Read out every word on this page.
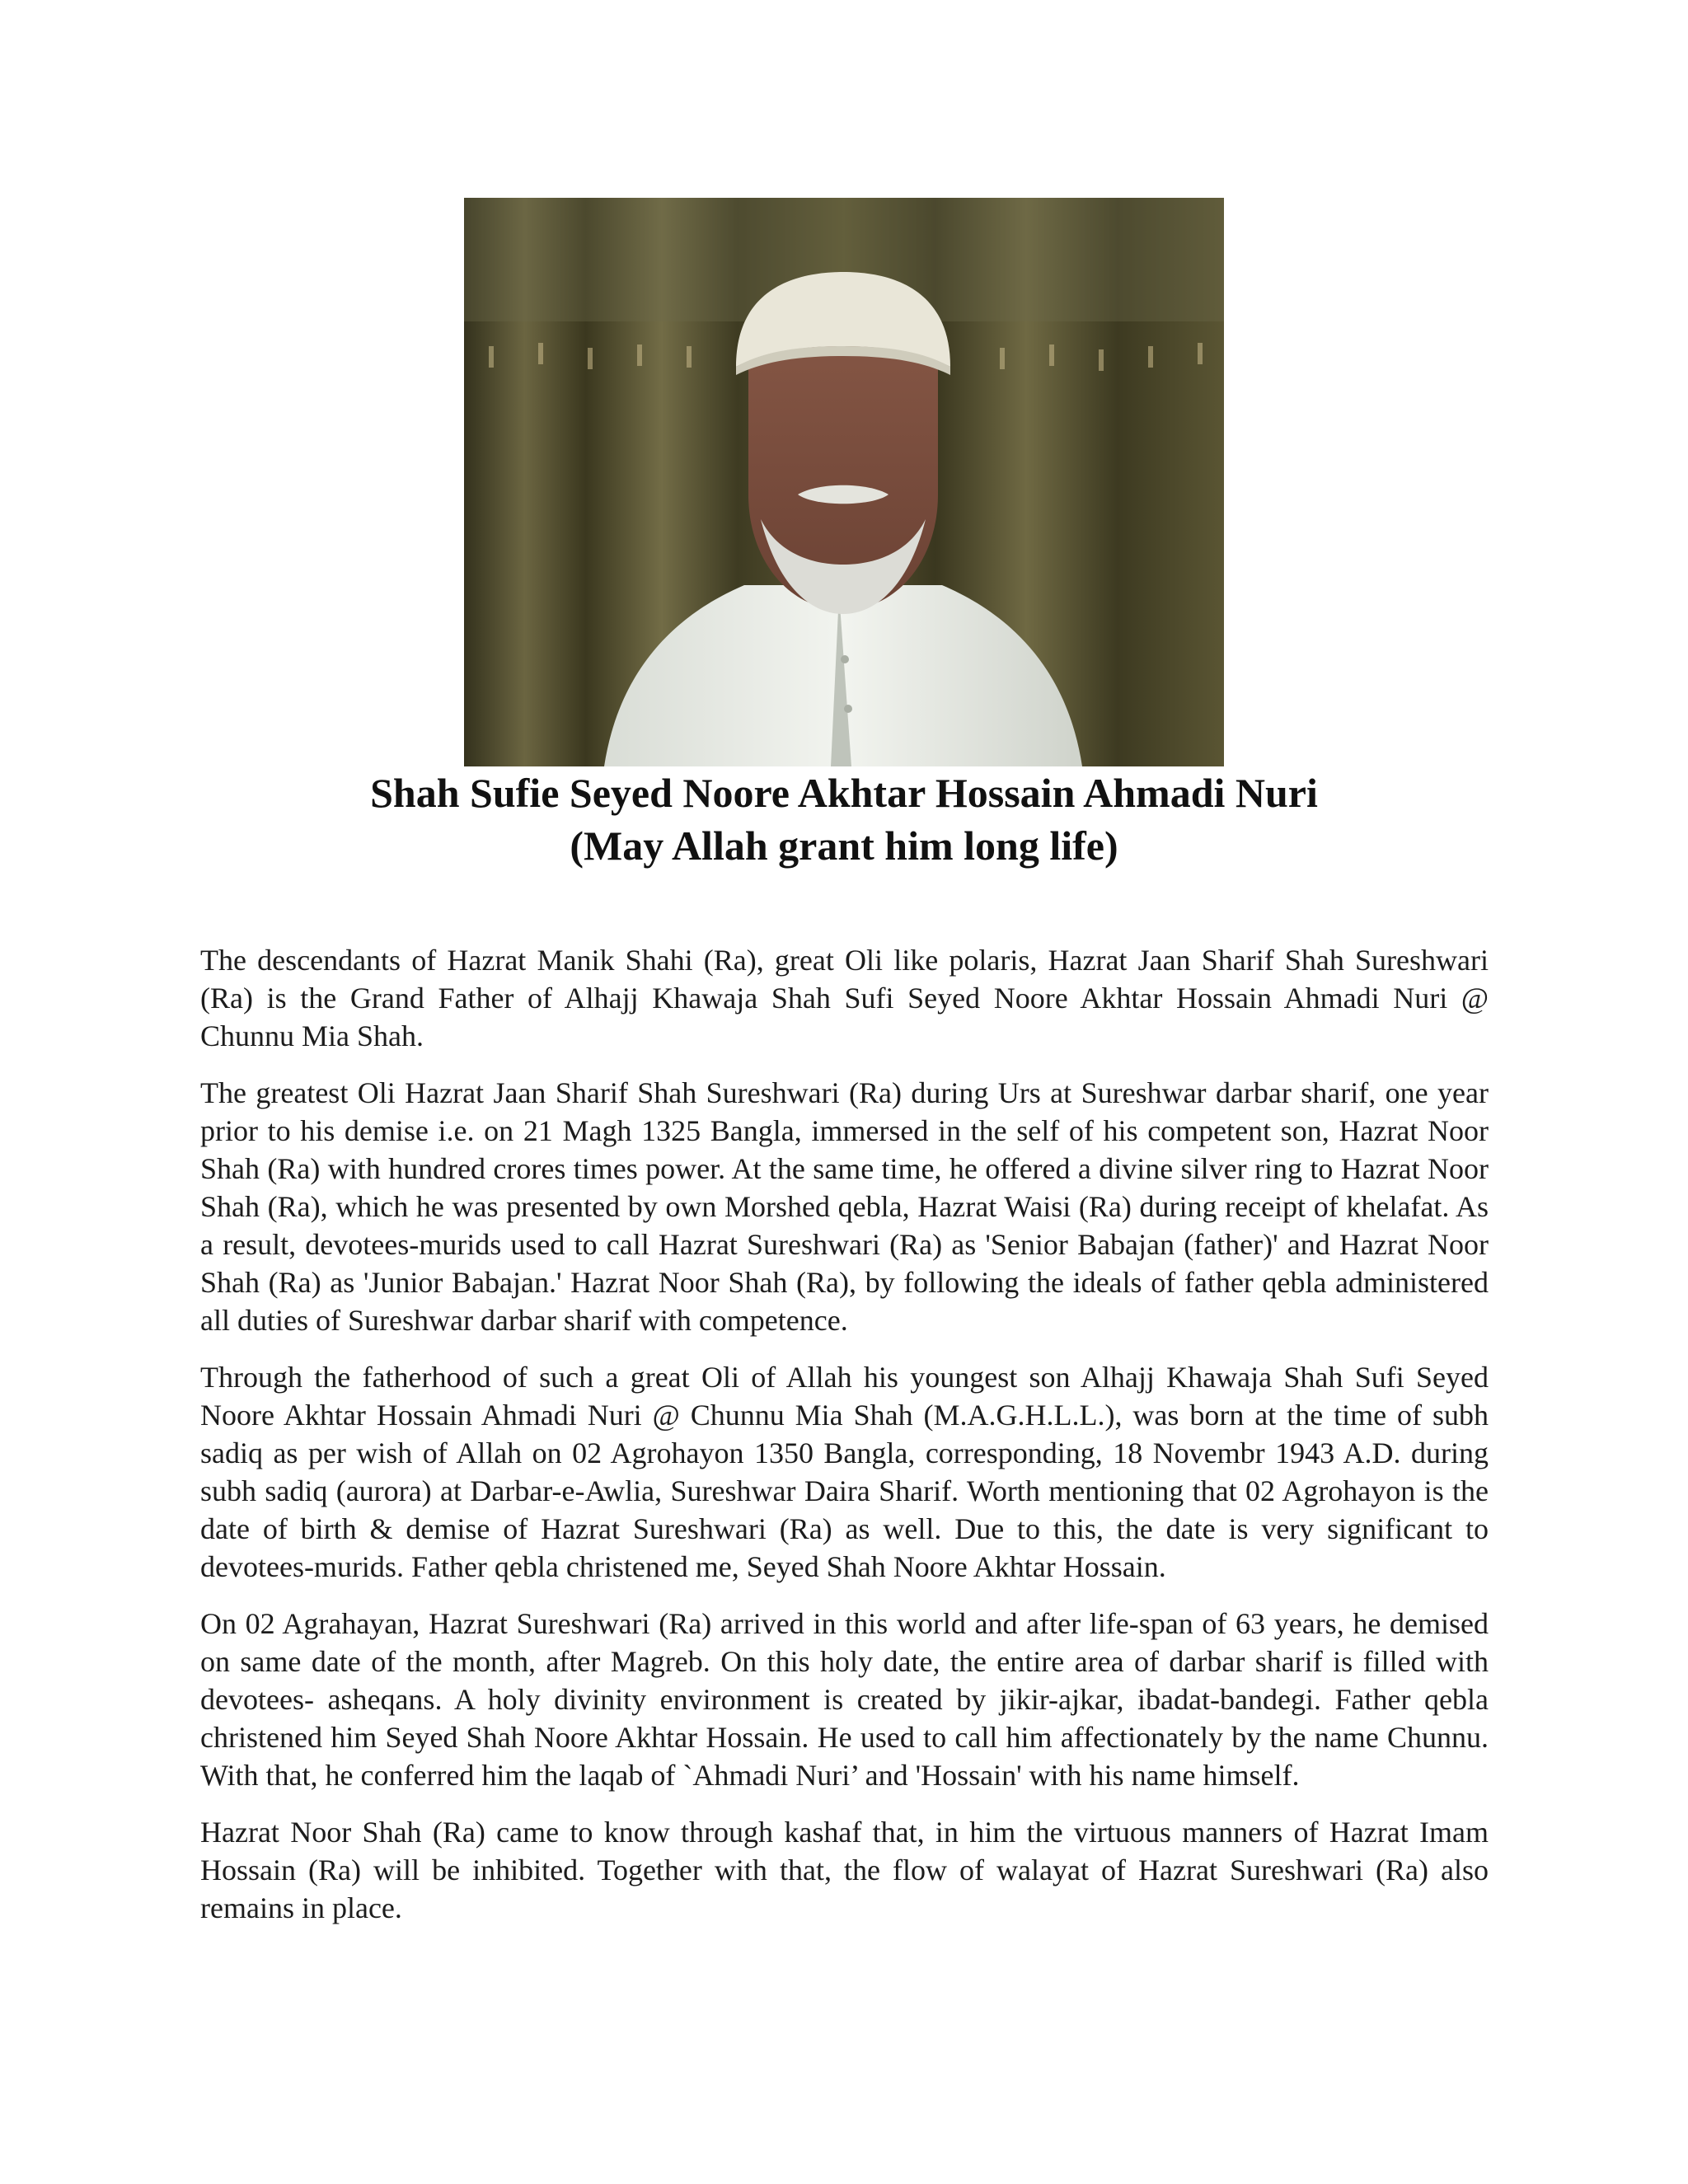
Shah Sufie Seyed Noore Akhtar Hossain Ahmadi Nuri
(May Allah grant him long life)

The descendants of Hazrat Manik Shahi (Ra), great Oli like polaris, Hazrat Jaan Sharif Shah Sureshwari (Ra) is the Grand Father of Alhajj Khawaja Shah Sufi Seyed Noore Akhtar Hossain Ahmadi Nuri @ Chunnu Mia Shah.

The greatest Oli Hazrat Jaan Sharif Shah Sureshwari (Ra) during Urs at Sureshwar darbar sharif, one year prior to his demise i.e. on 21 Magh 1325 Bangla, immersed in the self of his competent son, Hazrat Noor Shah (Ra) with hundred crores times power. At the same time, he offered a divine silver ring to Hazrat Noor Shah (Ra), which he was presented by own Morshed qebla, Hazrat Waisi (Ra) during receipt of khelafat. As a result, devotees-murids used to call Hazrat Sureshwari (Ra) as 'Senior Babajan (father)' and Hazrat Noor Shah (Ra) as 'Junior Babajan.' Hazrat Noor Shah (Ra), by following the ideals of father qebla administered all duties of Sureshwar darbar sharif with competence.

Through the fatherhood of such a great Oli of Allah his youngest son Alhajj Khawaja Shah Sufi Seyed Noore Akhtar Hossain Ahmadi Nuri @ Chunnu Mia Shah (M.A.G.H.L.L.), was born at the time of subh sadiq as per wish of Allah on 02 Agrohayon 1350 Bangla, corresponding, 18 Novembr 1943 A.D. during subh sadiq (aurora) at Darbar-e-Awlia, Sureshwar Daira Sharif. Worth mentioning that 02 Agrohayon is the date of birth & demise of Hazrat Sureshwari (Ra) as well. Due to this, the date is very significant to devotees-murids. Father qebla christened me, Seyed Shah Noore Akhtar Hossain.

On 02 Agrahayan, Hazrat Sureshwari (Ra) arrived in this world and after life-span of 63 years, he demised on same date of the month, after Magreb. On this holy date, the entire area of darbar sharif is filled with devotees- asheqans. A holy divinity environment is created by jikir-ajkar, ibadat-bandegi. Father qebla christened him Seyed Shah Noore Akhtar Hossain. He used to call him affectionately by the name Chunnu. With that, he conferred him the laqab of `Ahmadi Nuri’ and 'Hossain' with his name himself.

Hazrat Noor Shah (Ra) came to know through kashaf that, in him the virtuous manners of Hazrat Imam Hossain (Ra) will be inhibited. Together with that, the flow of walayat of Hazrat Sureshwari (Ra) also remains in place.
